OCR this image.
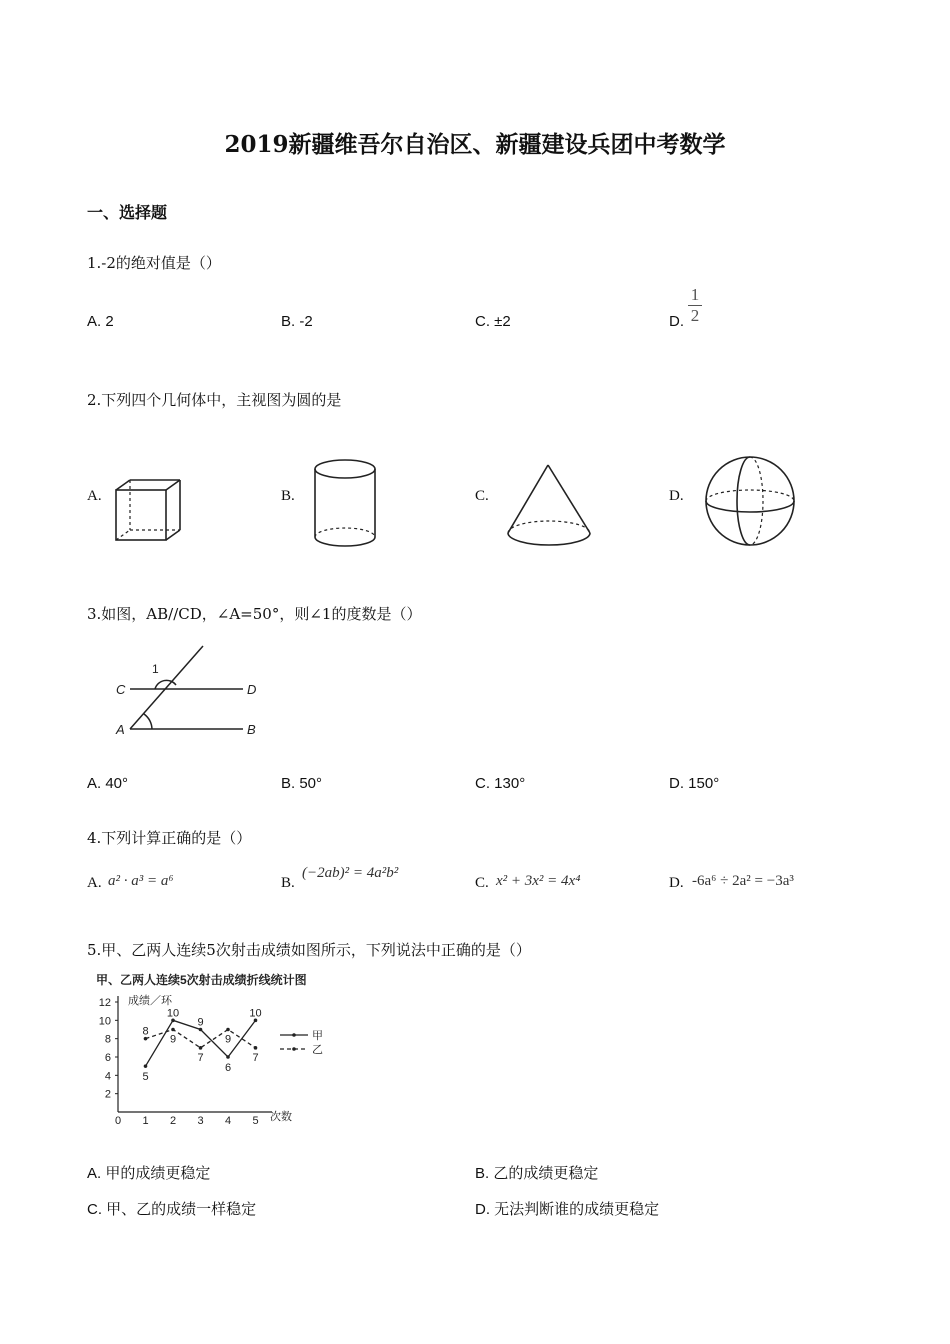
2019新疆维吾尔自治区、新疆建设兵团中考数学
一、选择题
1.-2的绝对值是（）
A. 2	B. -2	C. ±2	D.
1
2
2.下列四个几何体中，主视图为圆的是
A.	B.	C.	D.
3.如图，AB//CD，∠A=50°，则∠1的度数是（）
C	D
A	B
1
A. 40°	B. 50°	C. 130°	D. 150°
4.下列计算正确的是（）
A. a² · a³ = a⁶	B.
(−2ab)² = 4a²b²
C. x² + 3x² = 4x⁴	D. -6a⁶ ÷ 2a² = −3a³
5.甲、乙两人连续5次射击成绩如图所示，下列说法中正确的是（）
甲、乙两人连续5次射击成绩折线统计图
成绩／环
次数
2
4
6
8
10
12
0 1 2 3 4 5
5
10
9
6
10
8
9
7
9
7
甲
乙
A. 甲的成绩更稳定	B. 乙的成绩更稳定
C. 甲、乙的成绩一样稳定	D. 无法判断谁的成绩更稳定
